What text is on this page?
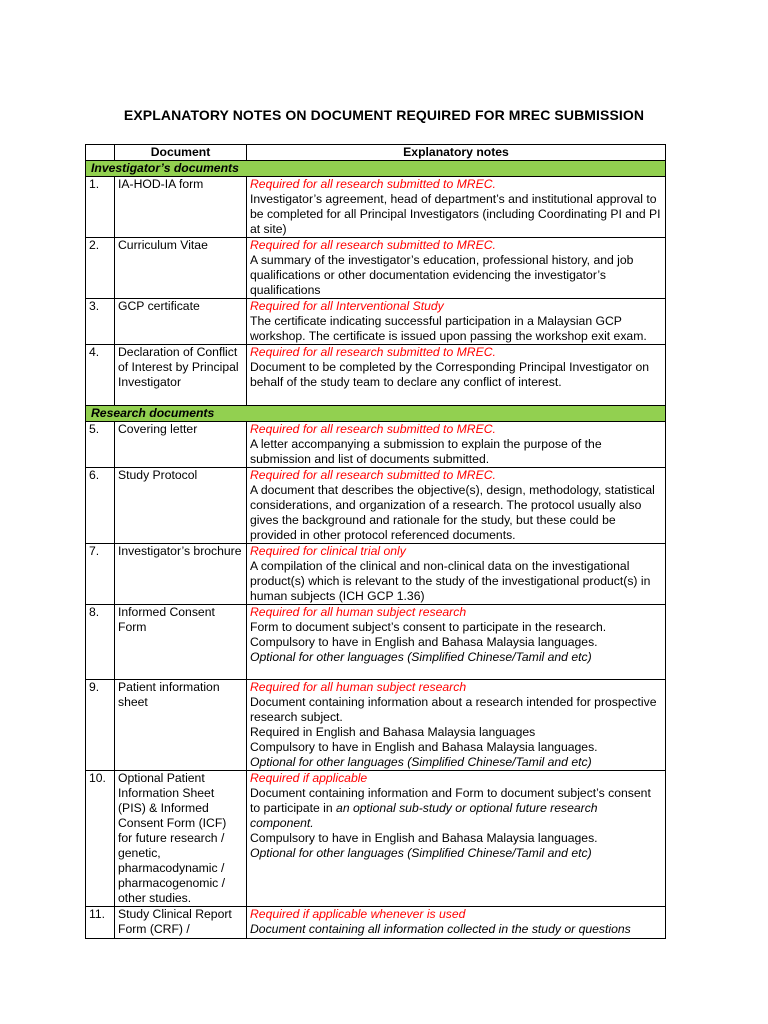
EXPLANATORY NOTES ON DOCUMENT REQUIRED FOR MREC SUBMISSION
	Document	Explanatory notes
Investigator’s documents		
1.	IA-HOD-IA form	Required for all research submitted to MREC.
Investigator’s agreement, head of department’s and institutional approval to be completed for all Principal Investigators (including Coordinating PI and PI at site)

2.	Curriculum Vitae	Required for all research submitted to MREC.
A summary of the investigator’s education, professional history, and job qualifications or other documentation evidencing the investigator’s qualifications

3.	GCP certificate	Required for all Interventional Study
The certificate indicating successful participation in a Malaysian GCP workshop. The certificate is issued upon passing the workshop exit exam.

4.	Declaration of Conflict of Interest by Principal Investigator	Required for all research submitted to MREC.
Document to be completed by the Corresponding Principal Investigator on behalf of the study team to declare any conflict of interest.

Research documents		
5.	Covering letter	Required for all research submitted to MREC.
A letter accompanying a submission to explain the purpose of the submission and list of documents submitted.

6.	Study Protocol	Required for all research submitted to MREC.
A document that describes the objective(s), design, methodology, statistical considerations, and organization of a research. The protocol usually also gives the background and rationale for the study, but these could be provided in other protocol referenced documents.

7.	Investigator’s brochure	Required for clinical trial only
A compilation of the clinical and non-clinical data on the investigational product(s) which is relevant to the study of the investigational product(s) in human subjects (ICH GCP 1.36)

8.	Informed Consent Form	Required for all human subject research
Form to document subject’s consent to participate in the research.
Compulsory to have in English and Bahasa Malaysia languages.
Optional for other languages (Simplified Chinese/Tamil and etc)

9.	Patient information sheet	Required for all human subject research
Document containing information about a research intended for prospective research subject.
Required in English and Bahasa Malaysia languages
Compulsory to have in English and Bahasa Malaysia languages.
Optional for other languages (Simplified Chinese/Tamil and etc)

10.	Optional Patient Information Sheet (PIS) & Informed Consent Form (ICF) for future research / genetic, pharmacodynamic / pharmacogenomic / other studies.	Required if applicable
Document containing information and Form to document subject’s consent to participate in an optional sub-study or optional future research component.
Compulsory to have in English and Bahasa Malaysia languages.
Optional for other languages (Simplified Chinese/Tamil and etc)

11.	Study Clinical Report Form (CRF) /	Required if applicable whenever is used
Document containing all information collected in the study or questions
